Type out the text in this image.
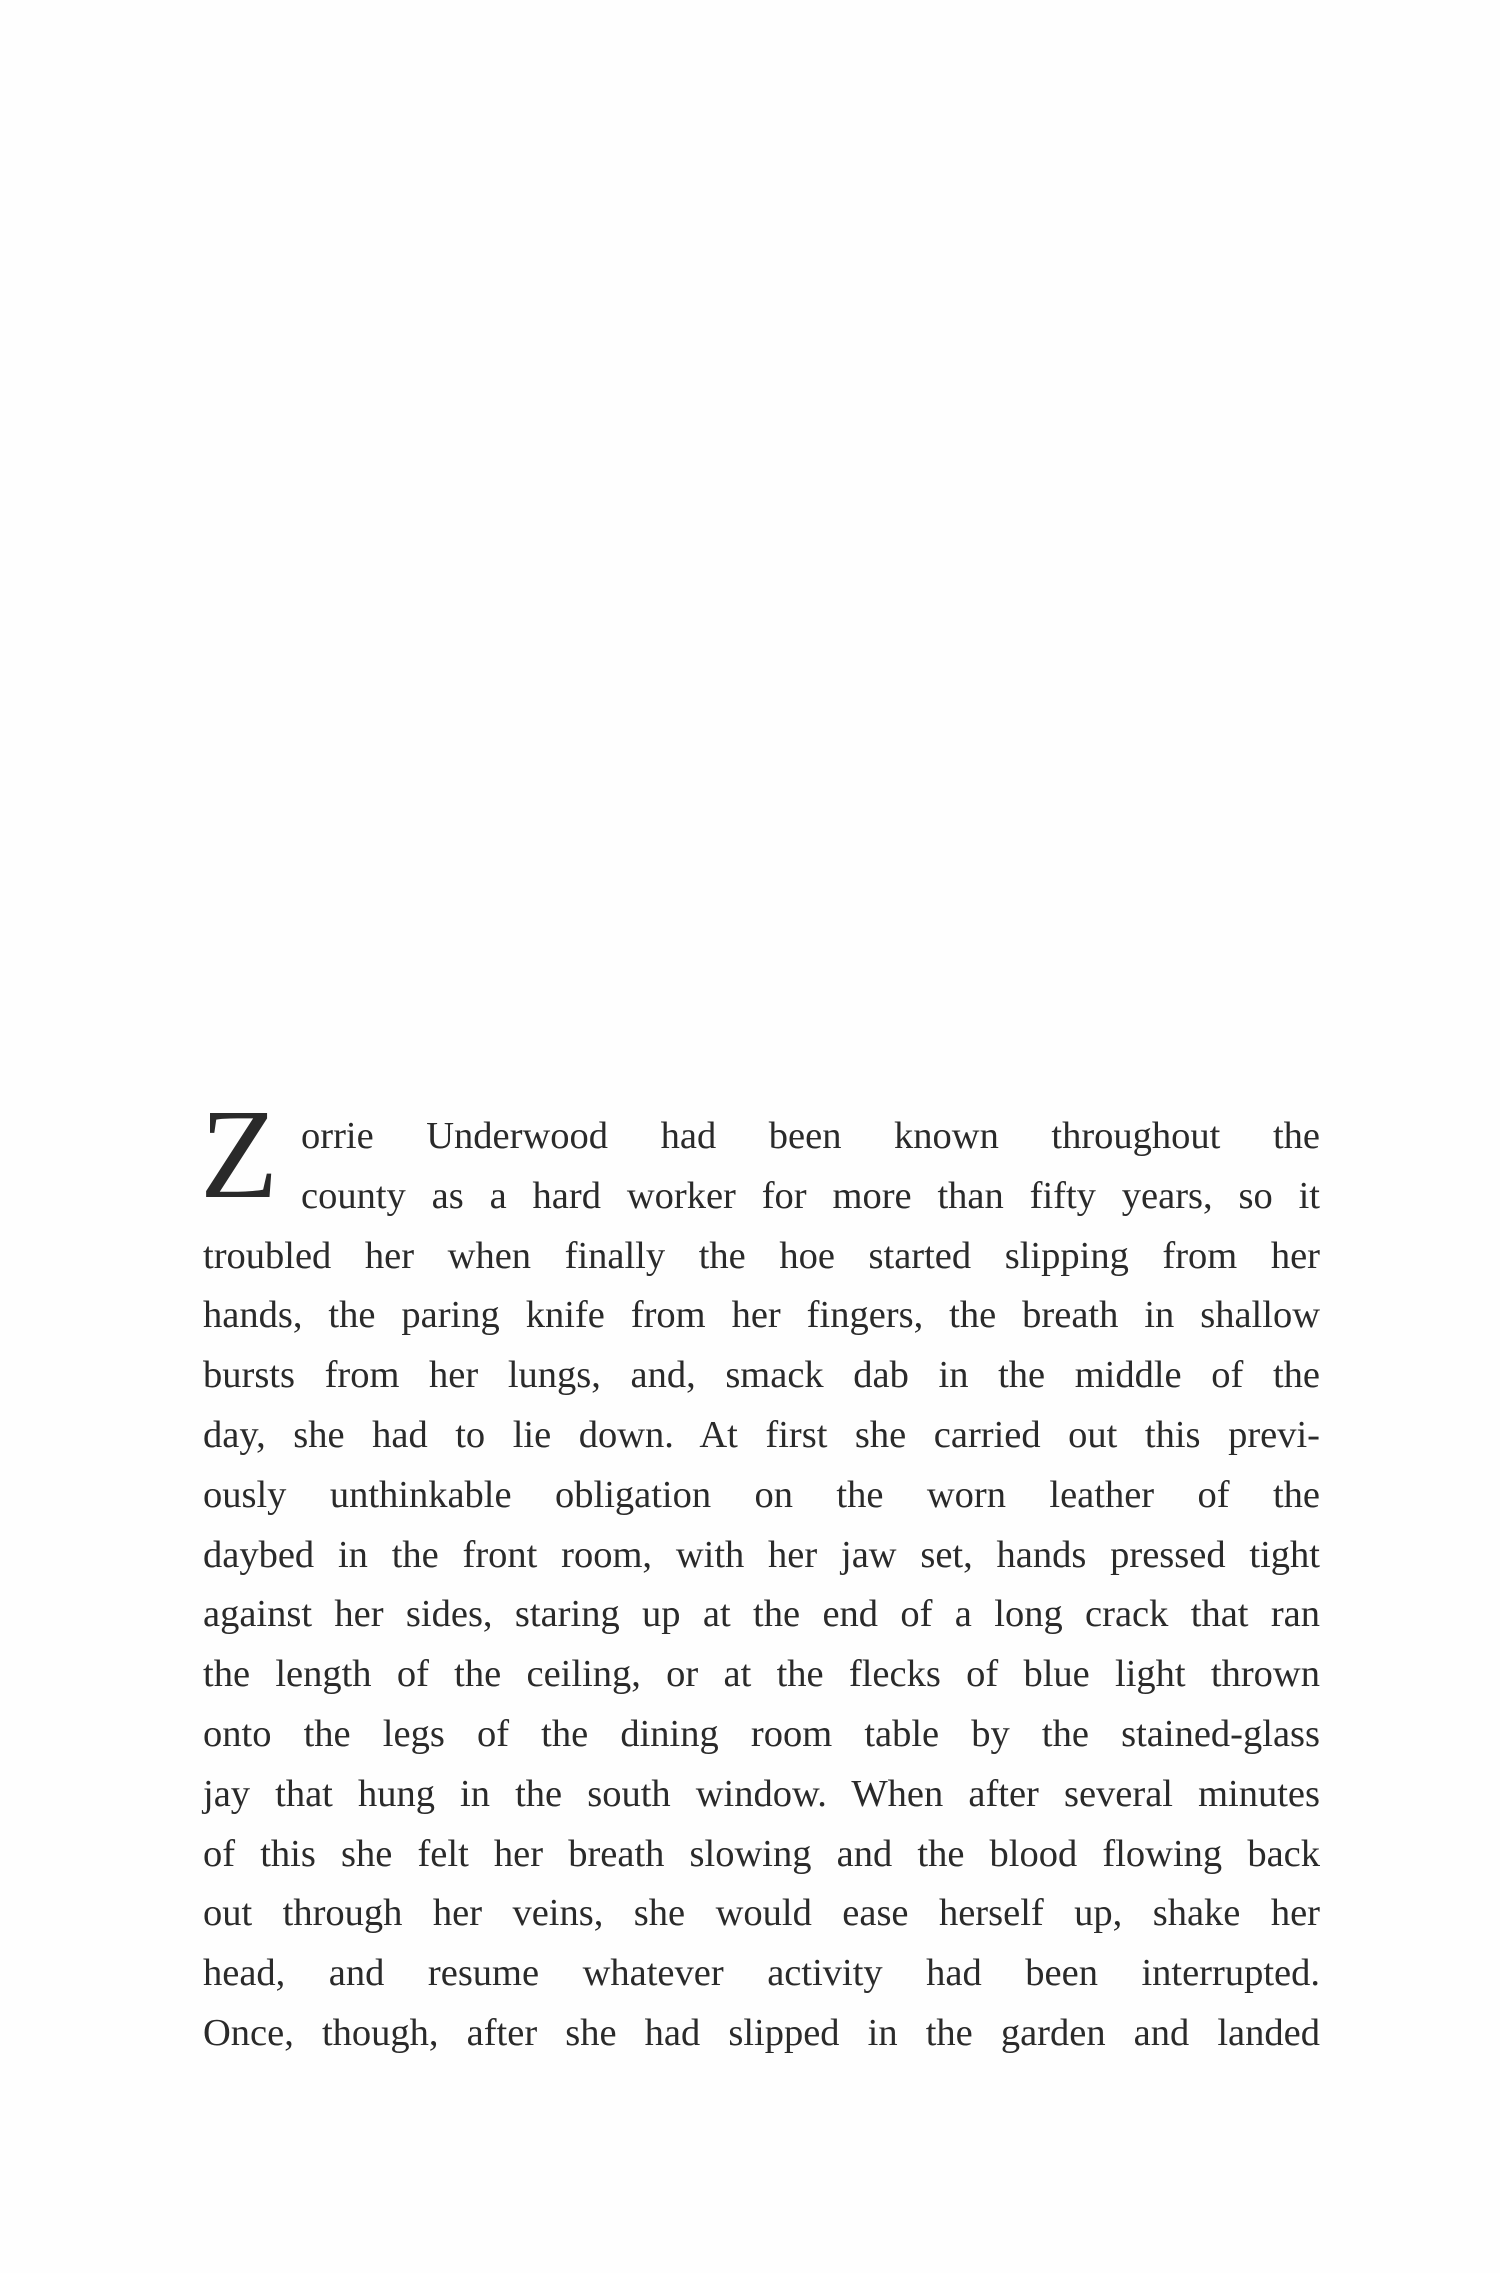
Z orrie Underwood had been known throughout the
county as a hard worker for more than fifty years, so it
troubled her when finally the hoe started slipping from her
hands, the paring knife from her fingers, the breath in shallow
bursts from her lungs, and, smack dab in the middle of the
day, she had to lie down. At first she carried out this previ-
ously unthinkable obligation on the worn leather of the
daybed in the front room, with her jaw set, hands pressed tight
against her sides, staring up at the end of a long crack that ran
the length of the ceiling, or at the flecks of blue light thrown
onto the legs of the dining room table by the stained-glass
jay that hung in the south window. When after several minutes
of this she felt her breath slowing and the blood flowing back
out through her veins, she would ease herself up, shake her
head, and resume whatever activity had been interrupted.
Once, though, after she had slipped in the garden and landed
